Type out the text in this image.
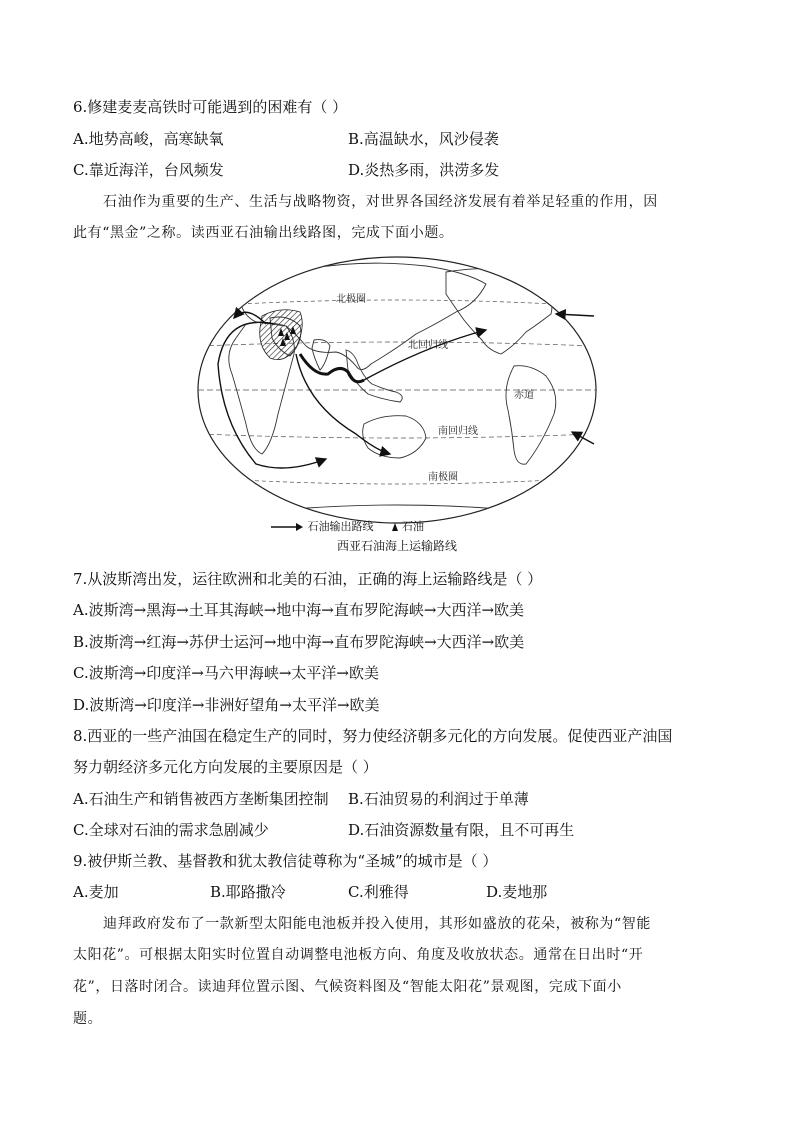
6.修建麦麦高铁时可能遇到的困难有（ ）
A.地势高峻，高寒缺氧	B.高温缺水，风沙侵袭
C.靠近海洋，台风频发	D.炎热多雨，洪涝多发
石油作为重要的生产、生活与战略物资，对世界各国经济发展有着举足轻重的作用，因
此有“黑金”之称。读西亚石油输出线路图，完成下面小题。
北极圈
北回归线
赤道
南回归线
南极圈
石油输出路线	石油
西亚石油海上运输路线
7.从波斯湾出发，运往欧洲和北美的石油，正确的海上运输路线是（ ）
A.波斯湾→黑海→土耳其海峡→地中海→直布罗陀海峡→大西洋→欧美
B.波斯湾→红海→苏伊士运河→地中海→直布罗陀海峡→大西洋→欧美
C.波斯湾→印度洋→马六甲海峡→太平洋→欧美
D.波斯湾→印度洋→非洲好望角→太平洋→欧美
8.西亚的一些产油国在稳定生产的同时，努力使经济朝多元化的方向发展。促使西亚产油国
努力朝经济多元化方向发展的主要原因是（ ）
A.石油生产和销售被西方垄断集团控制 B.石油贸易的利润过于单薄
C.全球对石油的需求急剧减少	D.石油资源数量有限，且不可再生
9.被伊斯兰教、基督教和犹太教信徒尊称为“圣城”的城市是（ ）
A.麦加	B.耶路撒冷	C.利雅得	D.麦地那
迪拜政府发布了一款新型太阳能电池板并投入使用，其形如盛放的花朵，被称为“智能
太阳花”。可根据太阳实时位置自动调整电池板方向、角度及收放状态。通常在日出时“开
花”，日落时闭合。读迪拜位置示图、气候资料图及“智能太阳花”景观图，完成下面小
题。
